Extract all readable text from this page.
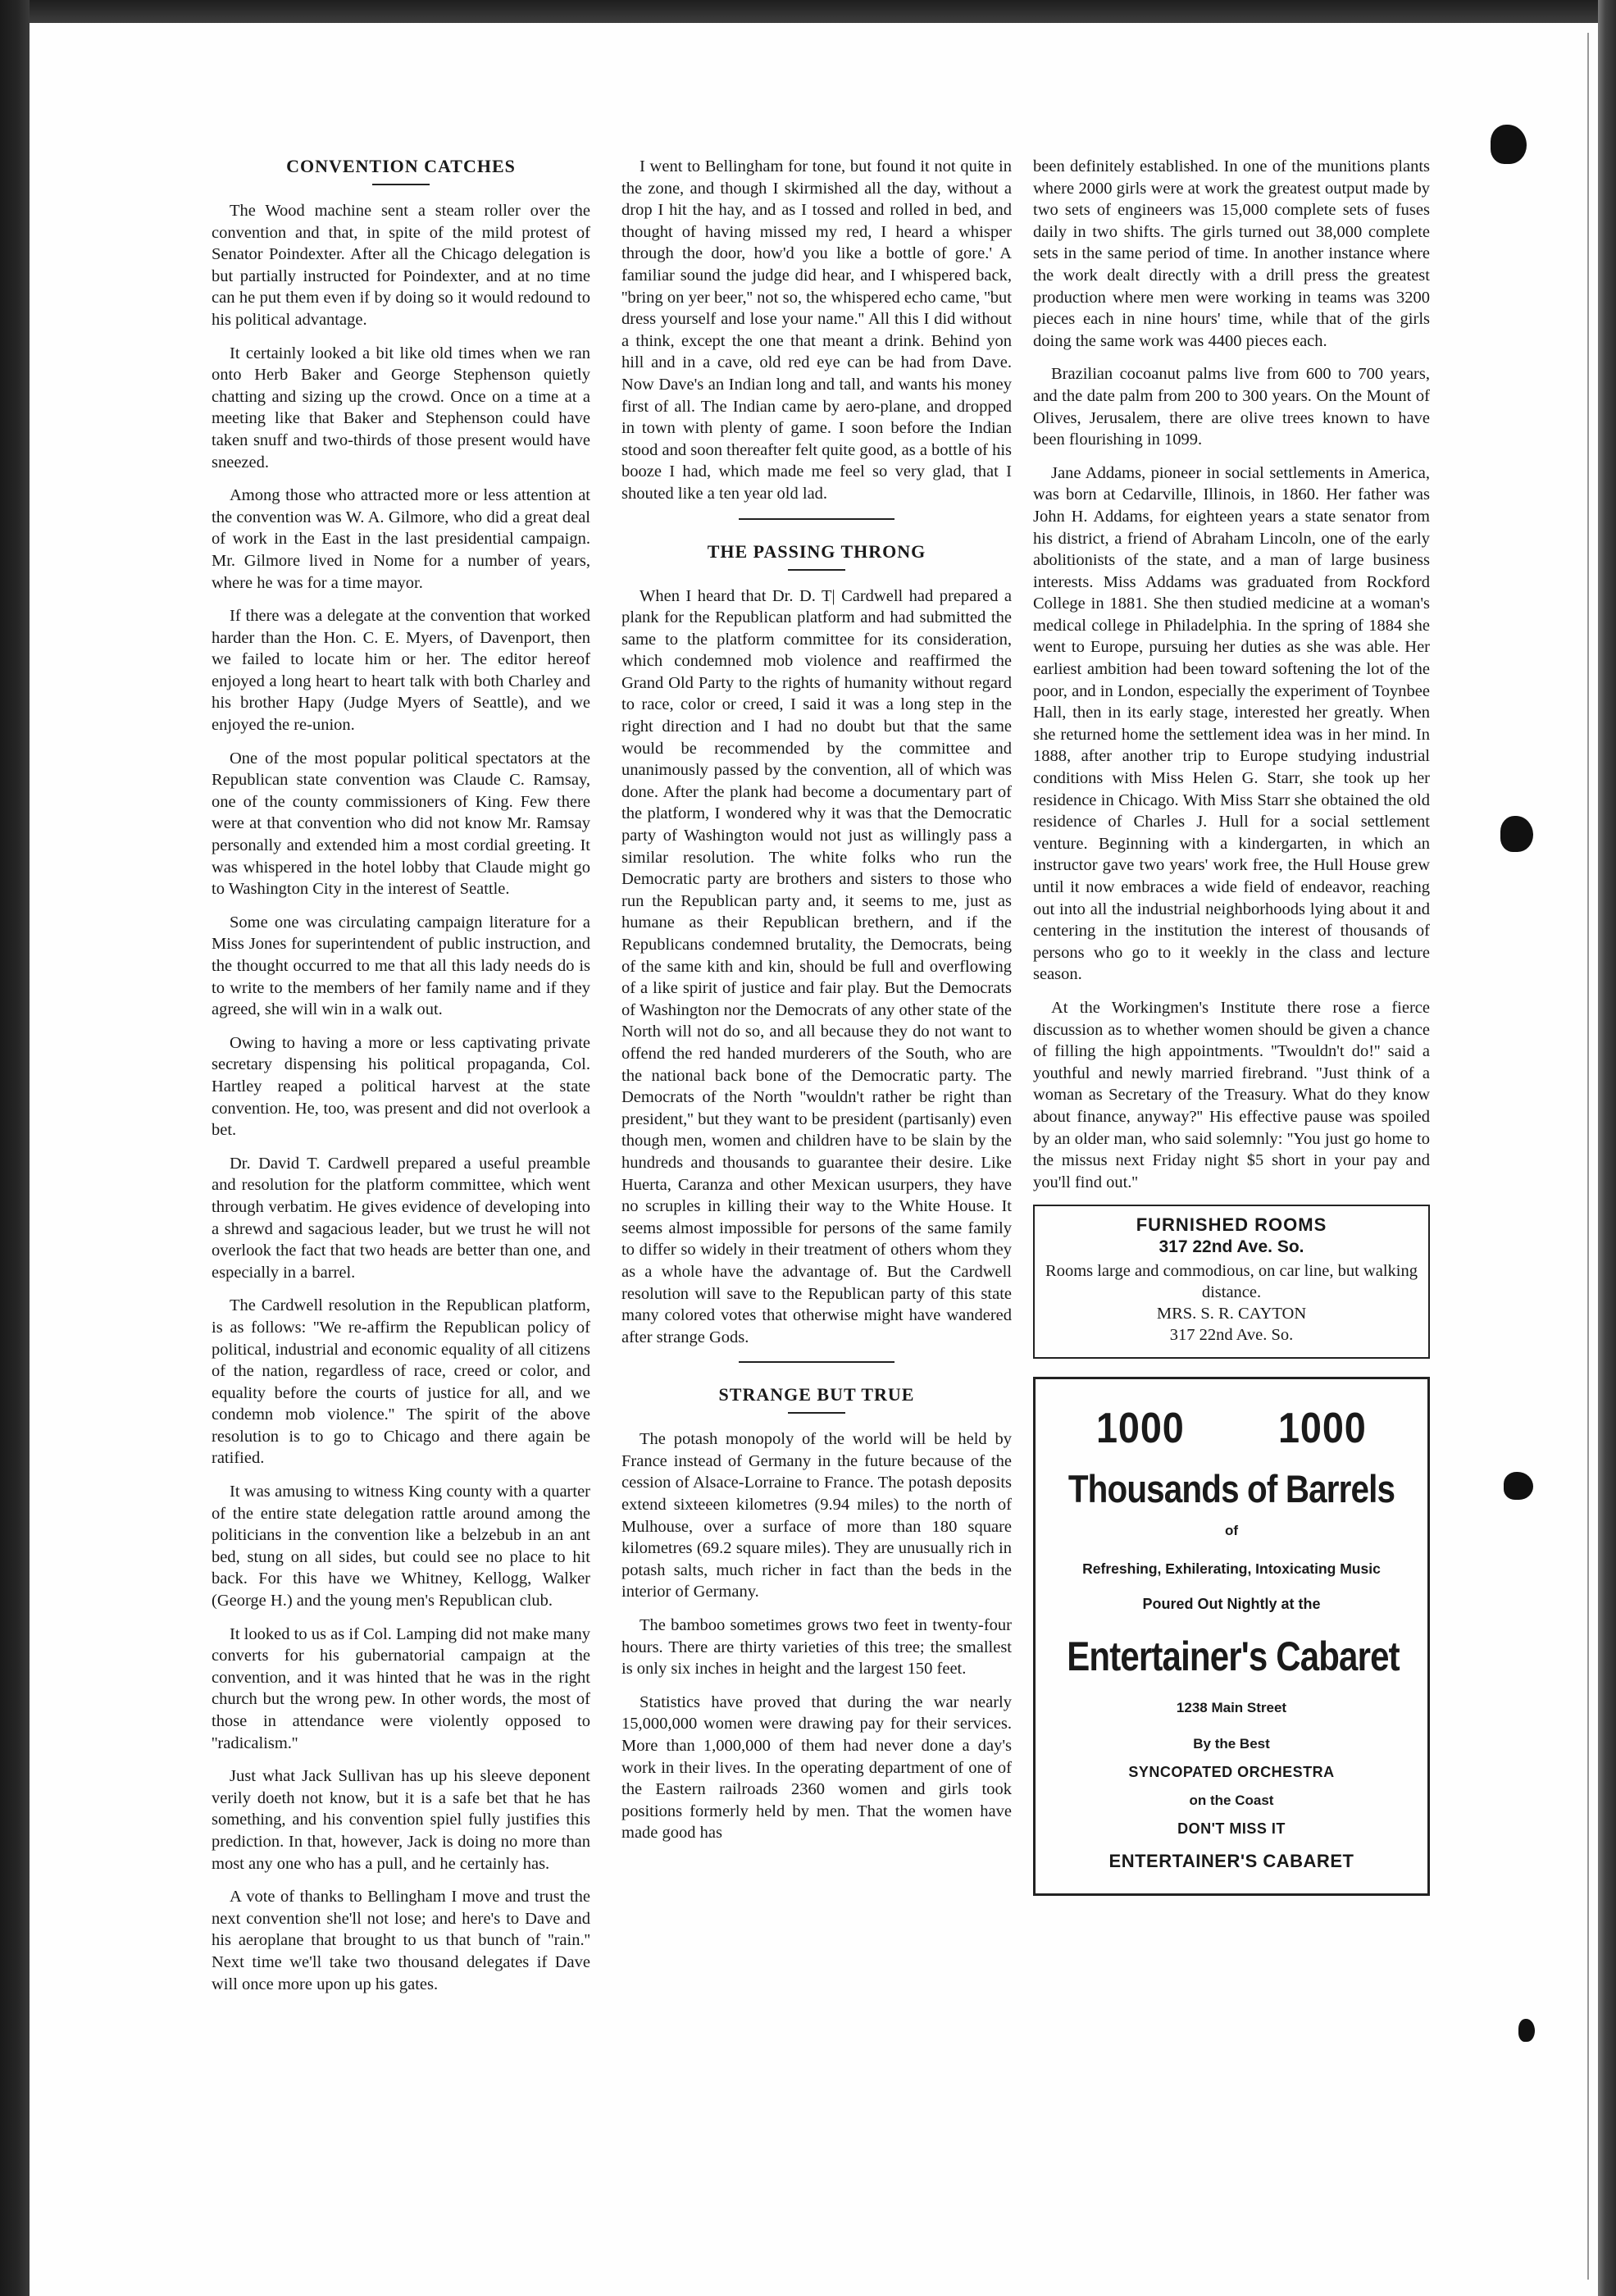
CONVENTION CATCHES

The Wood machine sent a steam roller over the convention and that, in spite of the mild protest of Senator Poindexter. After all the Chicago delegation is but partially instructed for Poindexter, and at no time can he put them even if by doing so it would redound to his political advantage.

It certainly looked a bit like old times when we ran onto Herb Baker and George Stephenson quietly chatting and sizing up the crowd. Once on a time at a meeting like that Baker and Stephenson could have taken snuff and two-thirds of those present would have sneezed.

Among those who attracted more or less attention at the convention was W. A. Gilmore, who did a great deal of work in the East in the last presidential campaign. Mr. Gilmore lived in Nome for a number of years, where he was for a time mayor.

If there was a delegate at the convention that worked harder than the Hon. C. E. Myers, of Davenport, then we failed to locate him or her. The editor hereof enjoyed a long heart to heart talk with both Charley and his brother Hapy (Judge Myers of Seattle), and we enjoyed the re-union.

One of the most popular political spectators at the Republican state convention was Claude C. Ramsay, one of the county commissioners of King. Few there were at that convention who did not know Mr. Ramsay personally and extended him a most cordial greeting. It was whispered in the hotel lobby that Claude might go to Washington City in the interest of Seattle.

Some one was circulating campaign literature for a Miss Jones for superintendent of public instruction, and the thought occurred to me that all this lady needs do is to write to the members of her family name and if they agreed, she will win in a walk out.

Owing to having a more or less captivating private secretary dispensing his political propaganda, Col. Hartley reaped a political harvest at the state convention. He, too, was present and did not overlook a bet.

Dr. David T. Cardwell prepared a useful preamble and resolution for the platform committee, which went through verbatim. He gives evidence of developing into a shrewd and sagacious leader, but we trust he will not overlook the fact that two heads are better than one, and especially in a barrel.

The Cardwell resolution in the Republican platform, is as follows: ''We re-affirm the Republican policy of political, industrial and economic equality of all citizens of the nation, regardless of race, creed or color, and equality before the courts of justice for all, and we condemn mob violence.'' The spirit of the above resolution is to go to Chicago and there again be ratified.

It was amusing to witness King county with a quarter of the entire state delegation rattle around among the politicians in the convention like a belzebub in an ant bed, stung on all sides, but could see no place to hit back. For this have we Whitney, Kellogg, Walker (George H.) and the young men's Republican club.

It looked to us as if Col. Lamping did not make many converts for his gubernatorial campaign at the convention, and it was hinted that he was in the right church but the wrong pew. In other words, the most of those in attendance were violently opposed to ''radicalism.''

Just what Jack Sullivan has up his sleeve deponent verily doeth not know, but it is a safe bet that he has something, and his convention spiel fully justifies this prediction. In that, however, Jack is doing no more than most any one who has a pull, and he certainly has.

A vote of thanks to Bellingham I move and trust the next convention she'll not lose; and here's to Dave and his aeroplane that brought to us that bunch of ''rain.'' Next time we'll take two thousand delegates if Dave will once more upon up his gates.

I went to Bellingham for tone, but found it not quite in the zone, and though I skirmished all the day, without a drop I hit the hay, and as I tossed and rolled in bed, and thought of having missed my red, I heard a whisper through the door, how'd you like a bottle of gore.' A familiar sound the judge did hear, and I whispered back, ''bring on yer beer,'' not so, the whispered echo came, ''but dress yourself and lose your name.'' All this I did without a think, except the one that meant a drink. Behind yon hill and in a cave, old red eye can be had from Dave. Now Dave's an Indian long and tall, and wants his money first of all. The Indian came by aero-plane, and dropped in town with plenty of game. I soon before the Indian stood and soon thereafter felt quite good, as a bottle of his booze I had, which made me feel so very glad, that I shouted like a ten year old lad.

THE PASSING THRONG

When I heard that Dr. D. T| Cardwell had prepared a plank for the Republican platform and had submitted the same to the platform committee for its consideration, which condemned mob violence and reaffirmed the Grand Old Party to the rights of humanity without regard to race, color or creed, I said it was a long step in the right direction and I had no doubt but that the same would be recommended by the committee and unanimously passed by the convention, all of which was done. After the plank had become a documentary part of the platform, I wondered why it was that the Democratic party of Washington would not just as willingly pass a similar resolution. The white folks who run the Democratic party are brothers and sisters to those who run the Republican party and, it seems to me, just as humane as their Republican brethern, and if the Republicans condemned brutality, the Democrats, being of the same kith and kin, should be full and overflowing of a like spirit of justice and fair play. But the Democrats of Washington nor the Democrats of any other state of the North will not do so, and all because they do not want to offend the red handed murderers of the South, who are the national back bone of the Democratic party. The Democrats of the North ''wouldn't rather be right than president,'' but they want to be president (partisanly) even though men, women and children have to be slain by the hundreds and thousands to guarantee their desire. Like Huerta, Caranza and other Mexican usurpers, they have no scruples in killing their way to the White House. It seems almost impossible for persons of the same family to differ so widely in their treatment of others whom they as a whole have the advantage of. But the Cardwell resolution will save to the Republican party of this state many colored votes that otherwise might have wandered after strange Gods.

STRANGE BUT TRUE

The potash monopoly of the world will be held by France instead of Germany in the future because of the cession of Alsace-Lorraine to France. The potash deposits extend sixteeen kilometres (9.94 miles) to the north of Mulhouse, over a surface of more than 180 square kilometres (69.2 square miles). They are unusually rich in potash salts, much richer in fact than the beds in the interior of Germany.

The bamboo sometimes grows two feet in twenty-four hours. There are thirty varieties of this tree; the smallest is only six inches in height and the largest 150 feet.

Statistics have proved that during the war nearly 15,000,000 women were drawing pay for their services. More than 1,000,000 of them had never done a day's work in their lives. In the operating department of one of the Eastern railroads 2360 women and girls took positions formerly held by men. That the women have made good has

been definitely established. In one of the munitions plants where 2000 girls were at work the greatest output made by two sets of engineers was 15,000 complete sets of fuses daily in two shifts. The girls turned out 38,000 complete sets in the same period of time. In another instance where the work dealt directly with a drill press the greatest production where men were working in teams was 3200 pieces each in nine hours' time, while that of the girls doing the same work was 4400 pieces each.

Brazilian cocoanut palms live from 600 to 700 years, and the date palm from 200 to 300 years. On the Mount of Olives, Jerusalem, there are olive trees known to have been flourishing in 1099.

Jane Addams, pioneer in social settlements in America, was born at Cedarville, Illinois, in 1860. Her father was John H. Addams, for eighteen years a state senator from his district, a friend of Abraham Lincoln, one of the early abolitionists of the state, and a man of large business interests. Miss Addams was graduated from Rockford College in 1881. She then studied medicine at a woman's medical college in Philadelphia. In the spring of 1884 she went to Europe, pursuing her duties as she was able. Her earliest ambition had been toward softening the lot of the poor, and in London, especially the experiment of Toynbee Hall, then in its early stage, interested her greatly. When she returned home the settlement idea was in her mind. In 1888, after another trip to Europe studying industrial conditions with Miss Helen G. Starr, she took up her residence in Chicago. With Miss Starr she obtained the old residence of Charles J. Hull for a social settlement venture. Beginning with a kindergarten, in which an instructor gave two years' work free, the Hull House grew until it now embraces a wide field of endeavor, reaching out into all the industrial neighborhoods lying about it and centering in the institution the interest of thousands of persons who go to it weekly in the class and lecture season.

At the Workingmen's Institute there rose a fierce discussion as to whether women should be given a chance of filling the high appointments. ''Twouldn't do!'' said a youthful and newly married firebrand. ''Just think of a woman as Secretary of the Treasury. What do they know about finance, anyway?'' His effective pause was spoiled by an older man, who said solemnly: ''You just go home to the missus next Friday night $5 short in your pay and you'll find out.''

FURNISHED ROOMS
317 22nd Ave. So.
Rooms large and commodious, on car line, but walking distance.
MRS. S. R. CAYTON
317 22nd Ave. So.
1000 1000
Thousands of Barrels
of
Refreshing, Exhilerating, Intoxicating Music
Poured Out Nightly at the
Entertainer's Cabaret
1238 Main Street
By the Best
SYNCOPATED ORCHESTRA
on the Coast
DON'T MISS IT
ENTERTAINER'S CABARET
